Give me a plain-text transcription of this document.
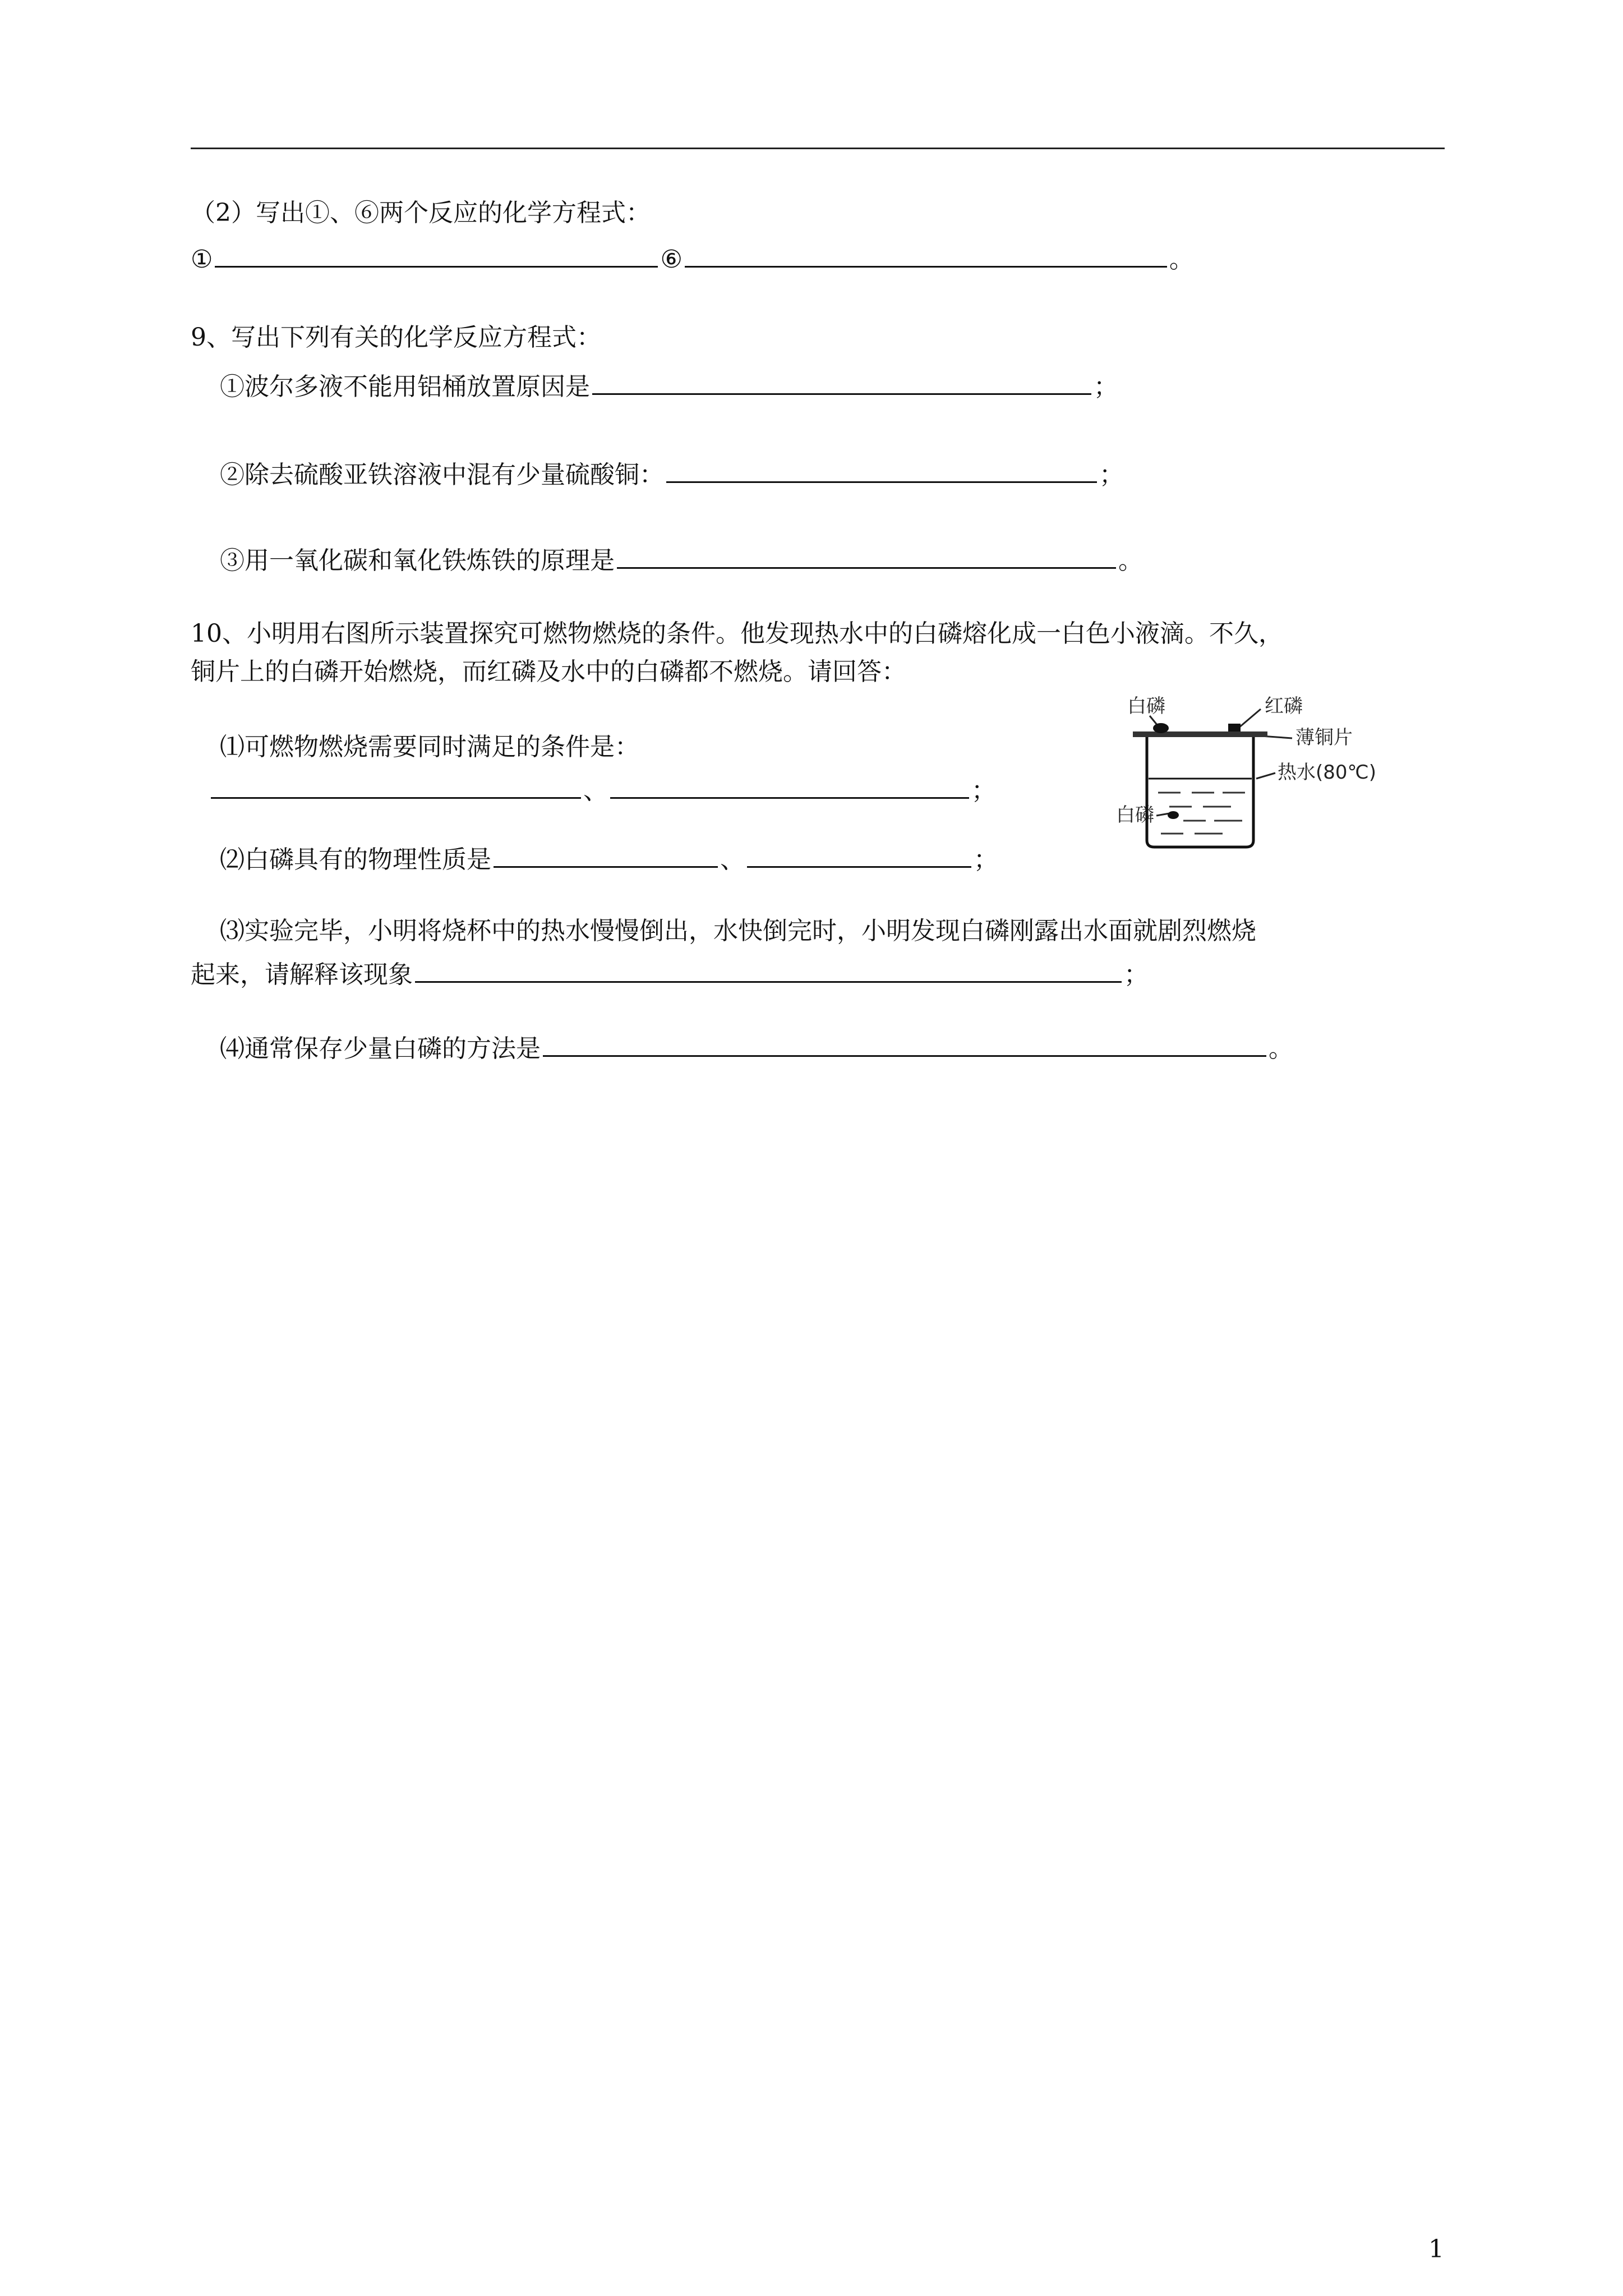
（2）写出①、⑥两个反应的化学方程式：
①	⑥	。
9、写出下列有关的化学反应方程式：
①波尔多液不能用铝桶放置原因是	；
②除去硫酸亚铁溶液中混有少量硫酸铜：	；
③用一氧化碳和氧化铁炼铁的原理是	。
10、小明用右图所示装置探究可燃物燃烧的条件。他发现热水中的白磷熔化成一白色小液滴。不久，
铜片上的白磷开始燃烧，而红磷及水中的白磷都不燃烧。请回答：
⑴可燃物燃烧需要同时满足的条件是：
、	；
⑵白磷具有的物理性质是	、	；
⑶实验完毕，小明将烧杯中的热水慢慢倒出，水快倒完时，小明发现白磷刚露出水面就剧烈燃烧
起来，请解释该现象	；
⑷通常保存少量白磷的方法是	。
白磷	红磷
薄铜片
热水(80℃)
白磷
1
